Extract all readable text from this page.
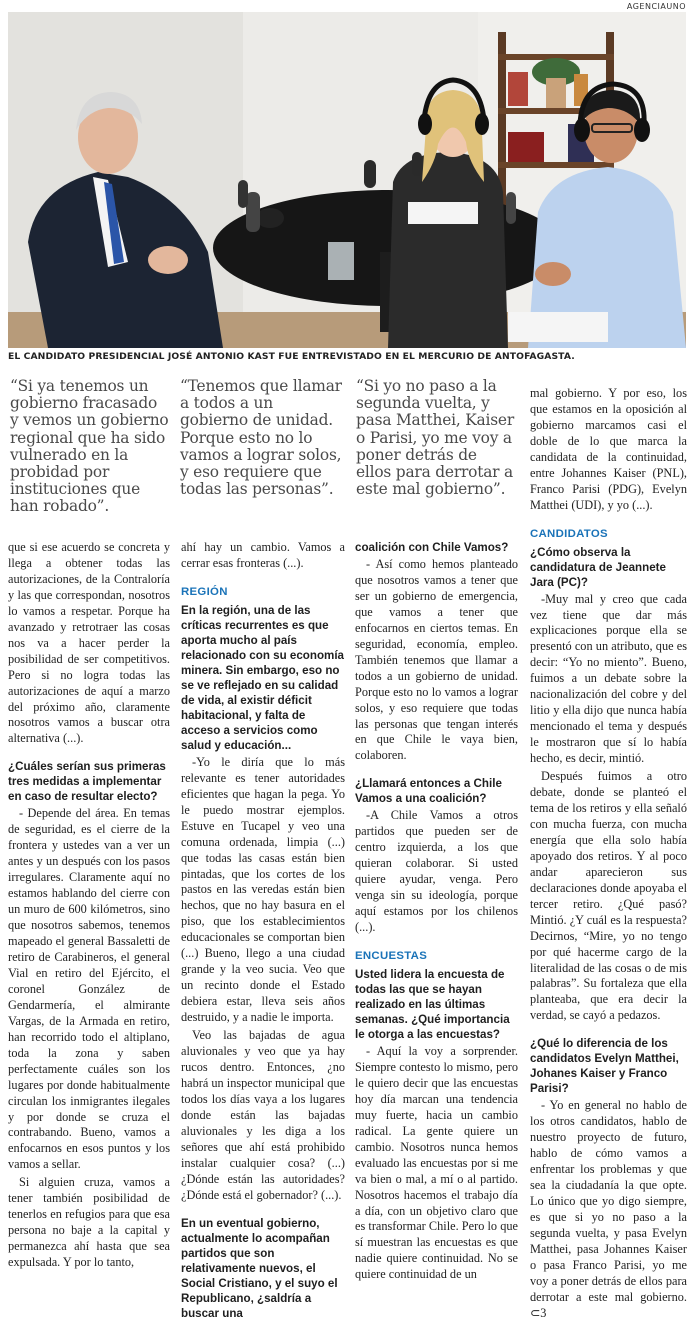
AGENCIAUNO
EL CANDIDATO PRESIDENCIAL JOSÉ ANTONIO KAST FUE ENTREVISTADO EN EL MERCURIO DE ANTOFAGASTA.
“Si ya tenemos un gobierno fracasado y vemos un gobierno regional que ha sido vulnerado en la probidad por instituciones que han robado”.
“Tenemos que llamar a todos a un gobierno de unidad. Porque esto no lo vamos a lograr solos, y eso requiere que todas las personas”.
“Si yo no paso a la segunda vuelta, y pasa Matthei, Kaiser o Parisi, yo me voy a poner detrás de ellos para derrotar a este mal gobierno”.

que si ese acuerdo se concreta y llega a obtener todas las autorizaciones, de la Contraloría y las que correspondan, nosotros lo vamos a respetar. Porque ha avanzado y retrotraer las cosas nos va a hacer perder la posibilidad de ser competitivos. Pero si no logra todas las autorizaciones de aquí a marzo del próximo año, claramente nosotros vamos a buscar otra alternativa (...).

¿Cuáles serían sus primeras tres medidas a implementar en caso de resultar electo?

- Depende del área. En temas de seguridad, es el cierre de la frontera y ustedes van a ver un antes y un después con los pasos irregulares. Claramente aquí no estamos hablando del cierre con un muro de 600 kilómetros, sino que nosotros sabemos, tenemos mapeado el general Bassaletti de retiro de Carabineros, el general Vial en retiro del Ejército, el coronel González de Gendarmería, el almirante Vargas, de la Armada en retiro, han recorrido todo el altiplano, toda la zona y saben perfectamente cuáles son los lugares por donde habitualmente circulan los inmigrantes ilegales y por donde se cruza el contrabando. Bueno, vamos a enfocarnos en esos puntos y los vamos a sellar.

Si alguien cruza, vamos a tener también posibilidad de tenerlos en refugios para que esa persona no baje a la capital y permanezca ahí hasta que sea expulsada. Y por lo tanto,

ahí hay un cambio. Vamos a cerrar esas fronteras (...).

REGIÓN
En la región, una de las críticas recurrentes es que aporta mucho al país relacionado con su economía minera. Sin embargo, eso no se ve reflejado en su calidad de vida, al existir déficit habitacional, y falta de acceso a servicios como salud y educación...

-Yo le diría que lo más relevante es tener autoridades eficientes que hagan la pega. Yo le puedo mostrar ejemplos. Estuve en Tucapel y veo una comuna ordenada, limpia (...) que todas las casas están bien pintadas, que los cortes de los pastos en las veredas están bien hechos, que no hay basura en el piso, que los establecimientos educacionales se comportan bien (...) Bueno, llego a una ciudad grande y la veo sucia. Veo que un recinto donde el Estado debiera estar, lleva seis años destruido, y a nadie le importa.

Veo las bajadas de agua aluvionales y veo que ya hay rucos dentro. Entonces, ¿no habrá un inspector municipal que todos los días vaya a los lugares donde están las bajadas aluvionales y les diga a los señores que ahí está prohibido instalar cualquier cosa? (...) ¿Dónde están las autoridades? ¿Dónde está el gobernador? (...).

En un eventual gobierno, actualmente lo acompañan partidos que son relativamente nuevos, el Social Cristiano, y el suyo el Republicano, ¿saldría a buscar una
coalición con Chile Vamos?

- Así como hemos planteado que nosotros vamos a tener que ser un gobierno de emergencia, que vamos a tener que enfocarnos en ciertos temas. En seguridad, economía, empleo. También tenemos que llamar a todos a un gobierno de unidad. Porque esto no lo vamos a lograr solos, y eso requiere que todas las personas que tengan interés en que Chile le vaya bien, colaboren.

¿Llamará entonces a Chile Vamos a una coalición?

-A Chile Vamos a otros partidos que pueden ser de centro izquierda, a los que quieran colaborar. Si usted quiere ayudar, venga. Pero venga sin su ideología, porque aquí estamos por los chilenos (...).

ENCUESTAS
Usted lidera la encuesta de todas las que se hayan realizado en las últimas semanas. ¿Qué importancia le otorga a las encuestas?

- Aquí la voy a sorprender. Siempre contesto lo mismo, pero le quiero decir que las encuestas hoy día marcan una tendencia muy fuerte, hacia un cambio radical. La gente quiere un cambio. Nosotros nunca hemos evaluado las encuestas por si me va bien o mal, a mí o al partido. Nosotros hacemos el trabajo día a día, con un objetivo claro que es transformar Chile. Pero lo que sí muestran las encuestas es que nadie quiere continuidad. No se quiere continuidad de un

mal gobierno. Y por eso, los que estamos en la oposición al gobierno marcamos casi el doble de lo que marca la candidata de la continuidad, entre Johannes Kaiser (PNL), Franco Parisi (PDG), Evelyn Matthei (UDI), y yo (...).

CANDIDATOS
¿Cómo observa la candidatura de Jeannete Jara (PC)?

-Muy mal y creo que cada vez tiene que dar más explicaciones porque ella se presentó con un atributo, que es decir: “Yo no miento”. Bueno, fuimos a un debate sobre la nacionalización del cobre y del litio y ella dijo que nunca había mencionado el tema y después le mostraron que sí lo había hecho, es decir, mintió.

Después fuimos a otro debate, donde se planteó el tema de los retiros y ella señaló con mucha fuerza, con mucha energía que ella solo había apoyado dos retiros. Y al poco andar aparecieron sus declaraciones donde apoyaba el tercer retiro. ¿Qué pasó? Mintió. ¿Y cuál es la respuesta? Decirnos, “Mire, yo no tengo por qué hacerme cargo de la literalidad de las cosas o de mis palabras”. Su fortaleza que ella planteaba, que era decir la verdad, se cayó a pedazos.

¿Qué lo diferencia de los candidatos Evelyn Matthei, Johanes Kaiser y Franco Parisi?

- Yo en general no hablo de los otros candidatos, hablo de nuestro proyecto de futuro, hablo de cómo vamos a enfrentar los problemas y que sea la ciudadanía la que opte. Lo único que yo digo siempre, es que si yo no paso a la segunda vuelta, y pasa Evelyn Matthei, pasa Johannes Kaiser o pasa Franco Parisi, yo me voy a poner detrás de ellos para derrotar a este mal gobierno. ⊂3
